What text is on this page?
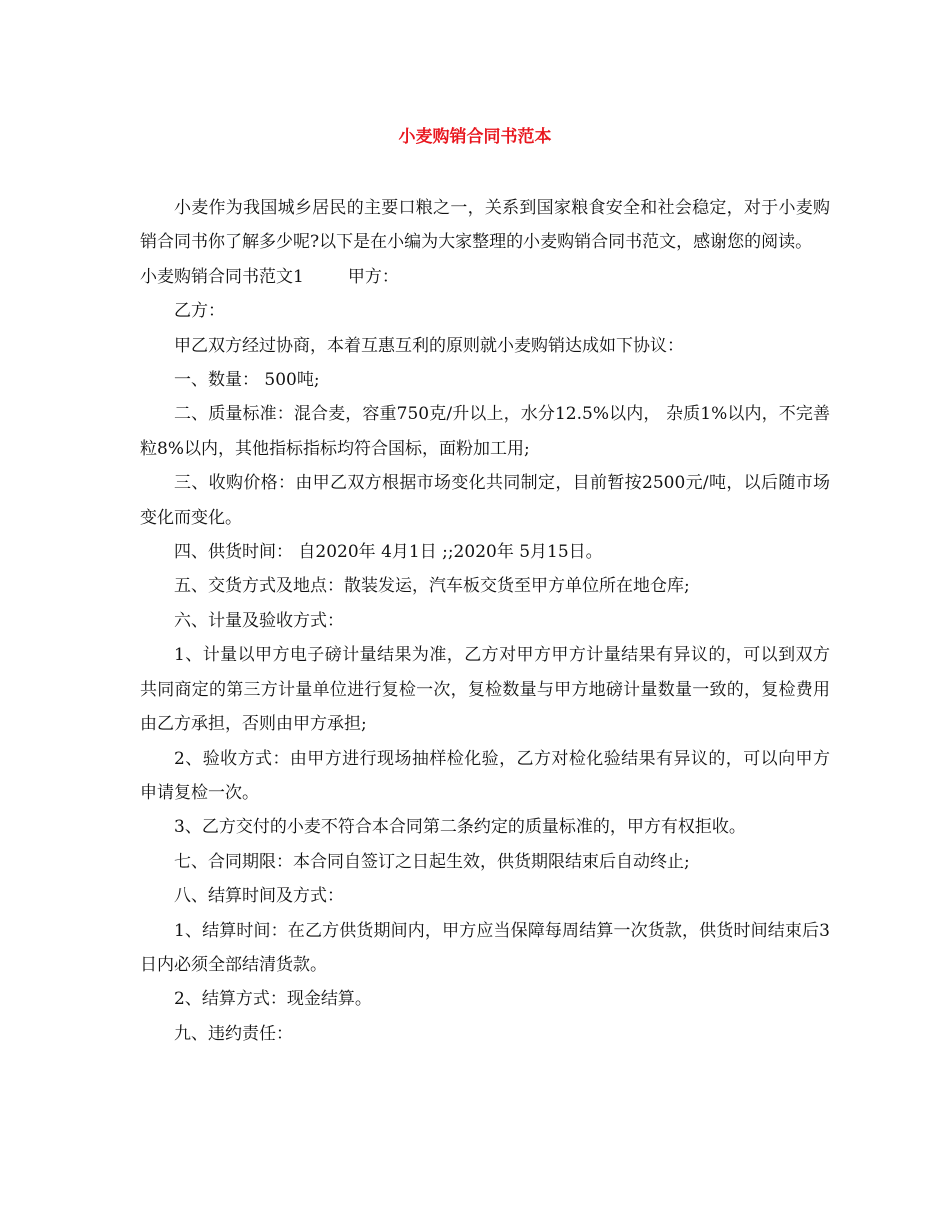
小麦购销合同书范本

小麦作为我国城乡居民的主要口粮之一，关系到国家粮食安全和社会稳定，对于小麦购销合同书你了解多少呢?以下是在小编为大家整理的小麦购销合同书范文，感谢您的阅读。

小麦购销合同书范文1	甲方：

乙方：

甲乙双方经过协商，本着互惠互利的原则就小麦购销达成如下协议：

一、数量： 500吨;

二、质量标准：混合麦，容重750克/升以上，水分12.5%以内， 杂质1%以内，不完善粒8%以内，其他指标指标均符合国标，面粉加工用;

三、收购价格：由甲乙双方根据市场变化共同制定，目前暂按2500元/吨，以后随市场变化而变化。

四、供货时间： 自2020年 4月1日 ;;2020年 5月15日。

五、交货方式及地点：散装发运，汽车板交货至甲方单位所在地仓库;

六、计量及验收方式：

1、计量以甲方电子磅计量结果为准，乙方对甲方甲方计量结果有异议的，可以到双方共同商定的第三方计量单位进行复检一次，复检数量与甲方地磅计量数量一致的，复检费用由乙方承担，否则由甲方承担;

2、验收方式：由甲方进行现场抽样检化验，乙方对检化验结果有异议的，可以向甲方申请复检一次。

3、乙方交付的小麦不符合本合同第二条约定的质量标准的，甲方有权拒收。

七、合同期限：本合同自签订之日起生效，供货期限结束后自动终止;

八、结算时间及方式：

1、结算时间：在乙方供货期间内，甲方应当保障每周结算一次货款，供货时间结束后3日内必须全部结清货款。

2、结算方式：现金结算。

九、违约责任：
